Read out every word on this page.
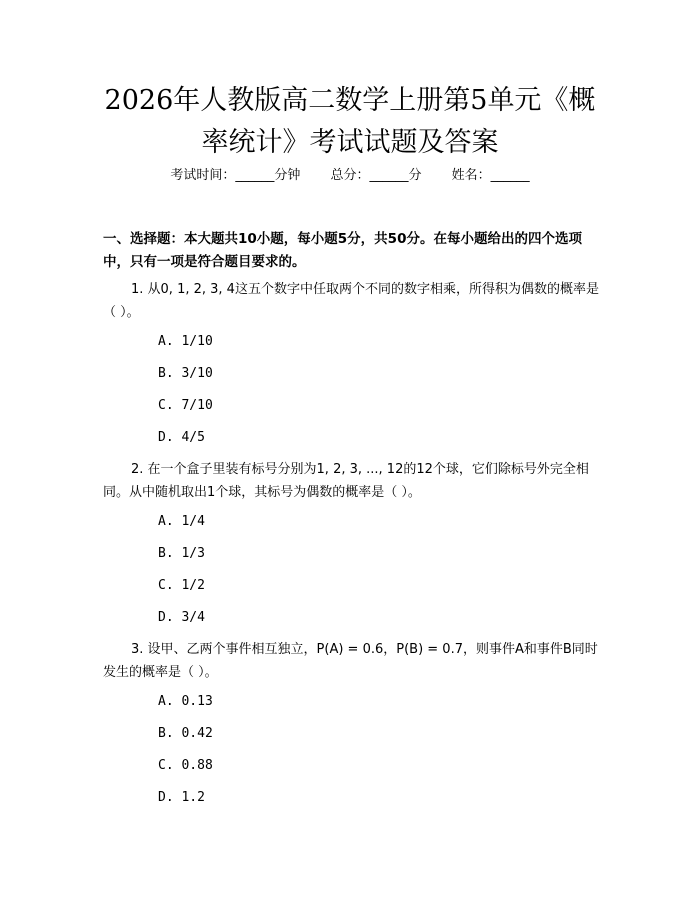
2026年人教版高二数学上册第5单元《概率统计》考试试题及答案
考试时间：______分钟 总分：______分 姓名：______

一、选择题：本大题共10小题，每小题5分，共50分。在每小题给出的四个选项中，只有一项是符合题目要求的。

1. 从0, 1, 2, 3, 4这五个数字中任取两个不同的数字相乘，所得积为偶数的概率是（ ）。

A. 1/10
B. 3/10
C. 7/10
D. 4/5

2. 在一个盒子里装有标号分别为1, 2, 3, ..., 12的12个球，它们除标号外完全相同。从中随机取出1个球，其标号为偶数的概率是（ ）。

A. 1/4
B. 1/3
C. 1/2
D. 3/4

3. 设甲、乙两个事件相互独立，P(A) = 0.6，P(B) = 0.7，则事件A和事件B同时发生的概率是（ ）。

A. 0.13
B. 0.42
C. 0.88
D. 1.2
